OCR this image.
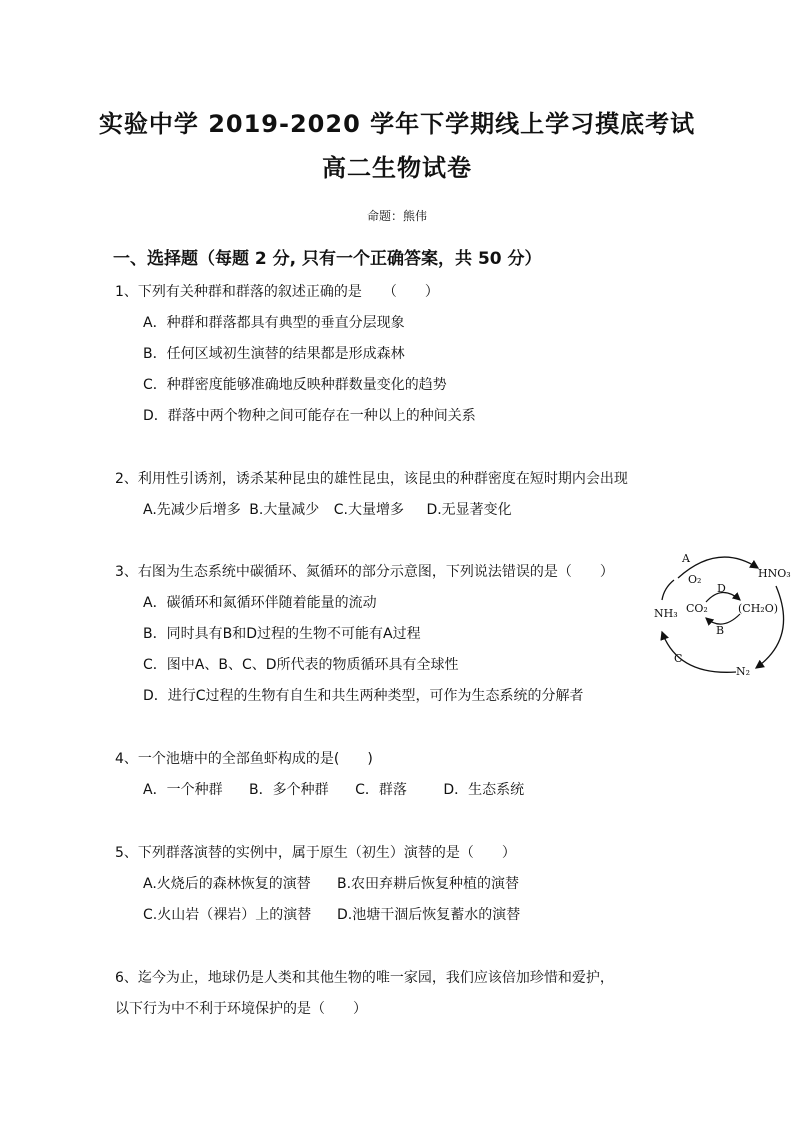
实验中学 2019-2020 学年下学期线上学习摸底考试
高二生物试卷
命题：熊伟
一、选择题（每题 2 分, 只有一个正确答案，共 50 分）
1、下列有关种群和群落的叙述正确的是　　（　　）
A．种群和群落都具有典型的垂直分层现象
B．任何区域初生演替的结果都是形成森林
C．种群密度能够准确地反映种群数量变化的趋势
D．群落中两个物种之间可能存在一种以上的种间关系
2、利用性引诱剂，诱杀某种昆虫的雄性昆虫，该昆虫的种群密度在短时期内会出现
A.先减少后增多 B.大量减少 C.大量增多 D.无显著变化
3、右图为生态系统中碳循环、氮循环的部分示意图，下列说法错误的是（　　）
A．碳循环和氮循环伴随着能量的流动
B．同时具有B和D过程的生物不可能有A过程
C．图中A、B、C、D所代表的物质循环具有全球性
D．进行C过程的生物有自生和共生两种类型，可作为生态系统的分解者
A
HNO₃
O₂
D
NH₃ CO₂	(CH₂O)
B
C
N₂
4、一个池塘中的全部鱼虾构成的是(　　)
A．一个种群 B．多个种群 C．群落	D．生态系统
5、下列群落演替的实例中，属于原生（初生）演替的是（　　）
A.火烧后的森林恢复的演替 B.农田弃耕后恢复种植的演替
C.火山岩（裸岩）上的演替 D.池塘干涸后恢复蓄水的演替
6、迄今为止，地球仍是人类和其他生物的唯一家园，我们应该倍加珍惜和爱护，
以下行为中不利于环境保护的是（　　）
